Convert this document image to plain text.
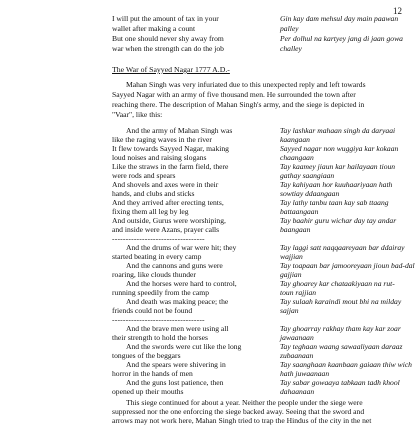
12
I will put the amount of tax in your	Gin kay dam mehsul day main paawan
wallet after making a count	palley
But one should never shy away from	Per dolhul na kartyey jang di jaan gowa
war when the strength can do the job	challey
The War of Sayyed Nagar 1777 A.D.-
Mahan Singh was very infuriated due to this unexpected reply and left towards
Sayyed Nagar with an army of five thousand men. He surrounded the town after
reaching there. The description of Mahan Singh's army, and the siege is depicted in
"Vaar", like this:
And the army of Mahan Singh was	Tay lashkar mahaan singh da daryaai
like the raging waves in the river	kaangaan
It flew towards Sayyed Nagar, making	Sayyed nagar non wuggiya kar kokaan
loud noises and raising slogans	chaangaan
Like the straws in the farm field, there	Tay kaamey jiaun kar hailayaan tioun
were rods and spears	gathay saangiaan
And shovels and axes were in their	Tay kahiyaan hor kuuhaariyaan hath
hands, and clubs and sticks	sowtiay ddaangaan
And they arrived after erecting tents,	Tay lathy tanbu taan kay sab ttaang
fixing them all leg by leg	battaangaan
And outside, Gurus were worshiping,	Tay baahir guru wichar day tay andar
and inside were Azans, prayer calls	baangaan
----------------------------------
And the drums of war were hit; they	Tay laggi satt naqqaareyaan bar ddairay
started beating in every camp	wajjian
And the cannons and guns were	Tay toapaan bar jamooreyaan jioun bad-dal
roaring, like clouds thunder	gajjian
And the horses were hard to control,	Tay ghoarey kar chataakiyaan na rut-
running speedily from the camp	toun rajjian
And death was making peace; the	Tay sulaah karaindi mout bhi na milday
friends could not be found	sajjan
----------------------------------
And the brave men were using all	Tay ghoarray rakhay tham kay kar zoar
their strength to hold the horses	jawaanaan
And the swords were cut like the long	Tay teghaan waang sawaaliyaan daraaz
tongues of the beggars	zubaanaan
And the spears were shivering in	Tay saanghaan kaanbaan gaiaan thiw wich
horror in the hands of men	hath juwaanaan
And the guns lost patience, then	Tay sabar gowaaya tabkaan tadh khool
opened up their mouths	dahaanaan
This siege continued for about a year. Neither the people under the siege were
suppressed nor the one enforcing the siege backed away. Seeing that the sword and
arrows may not work here, Mahan Singh tried to trap the Hindus of the city in the net
